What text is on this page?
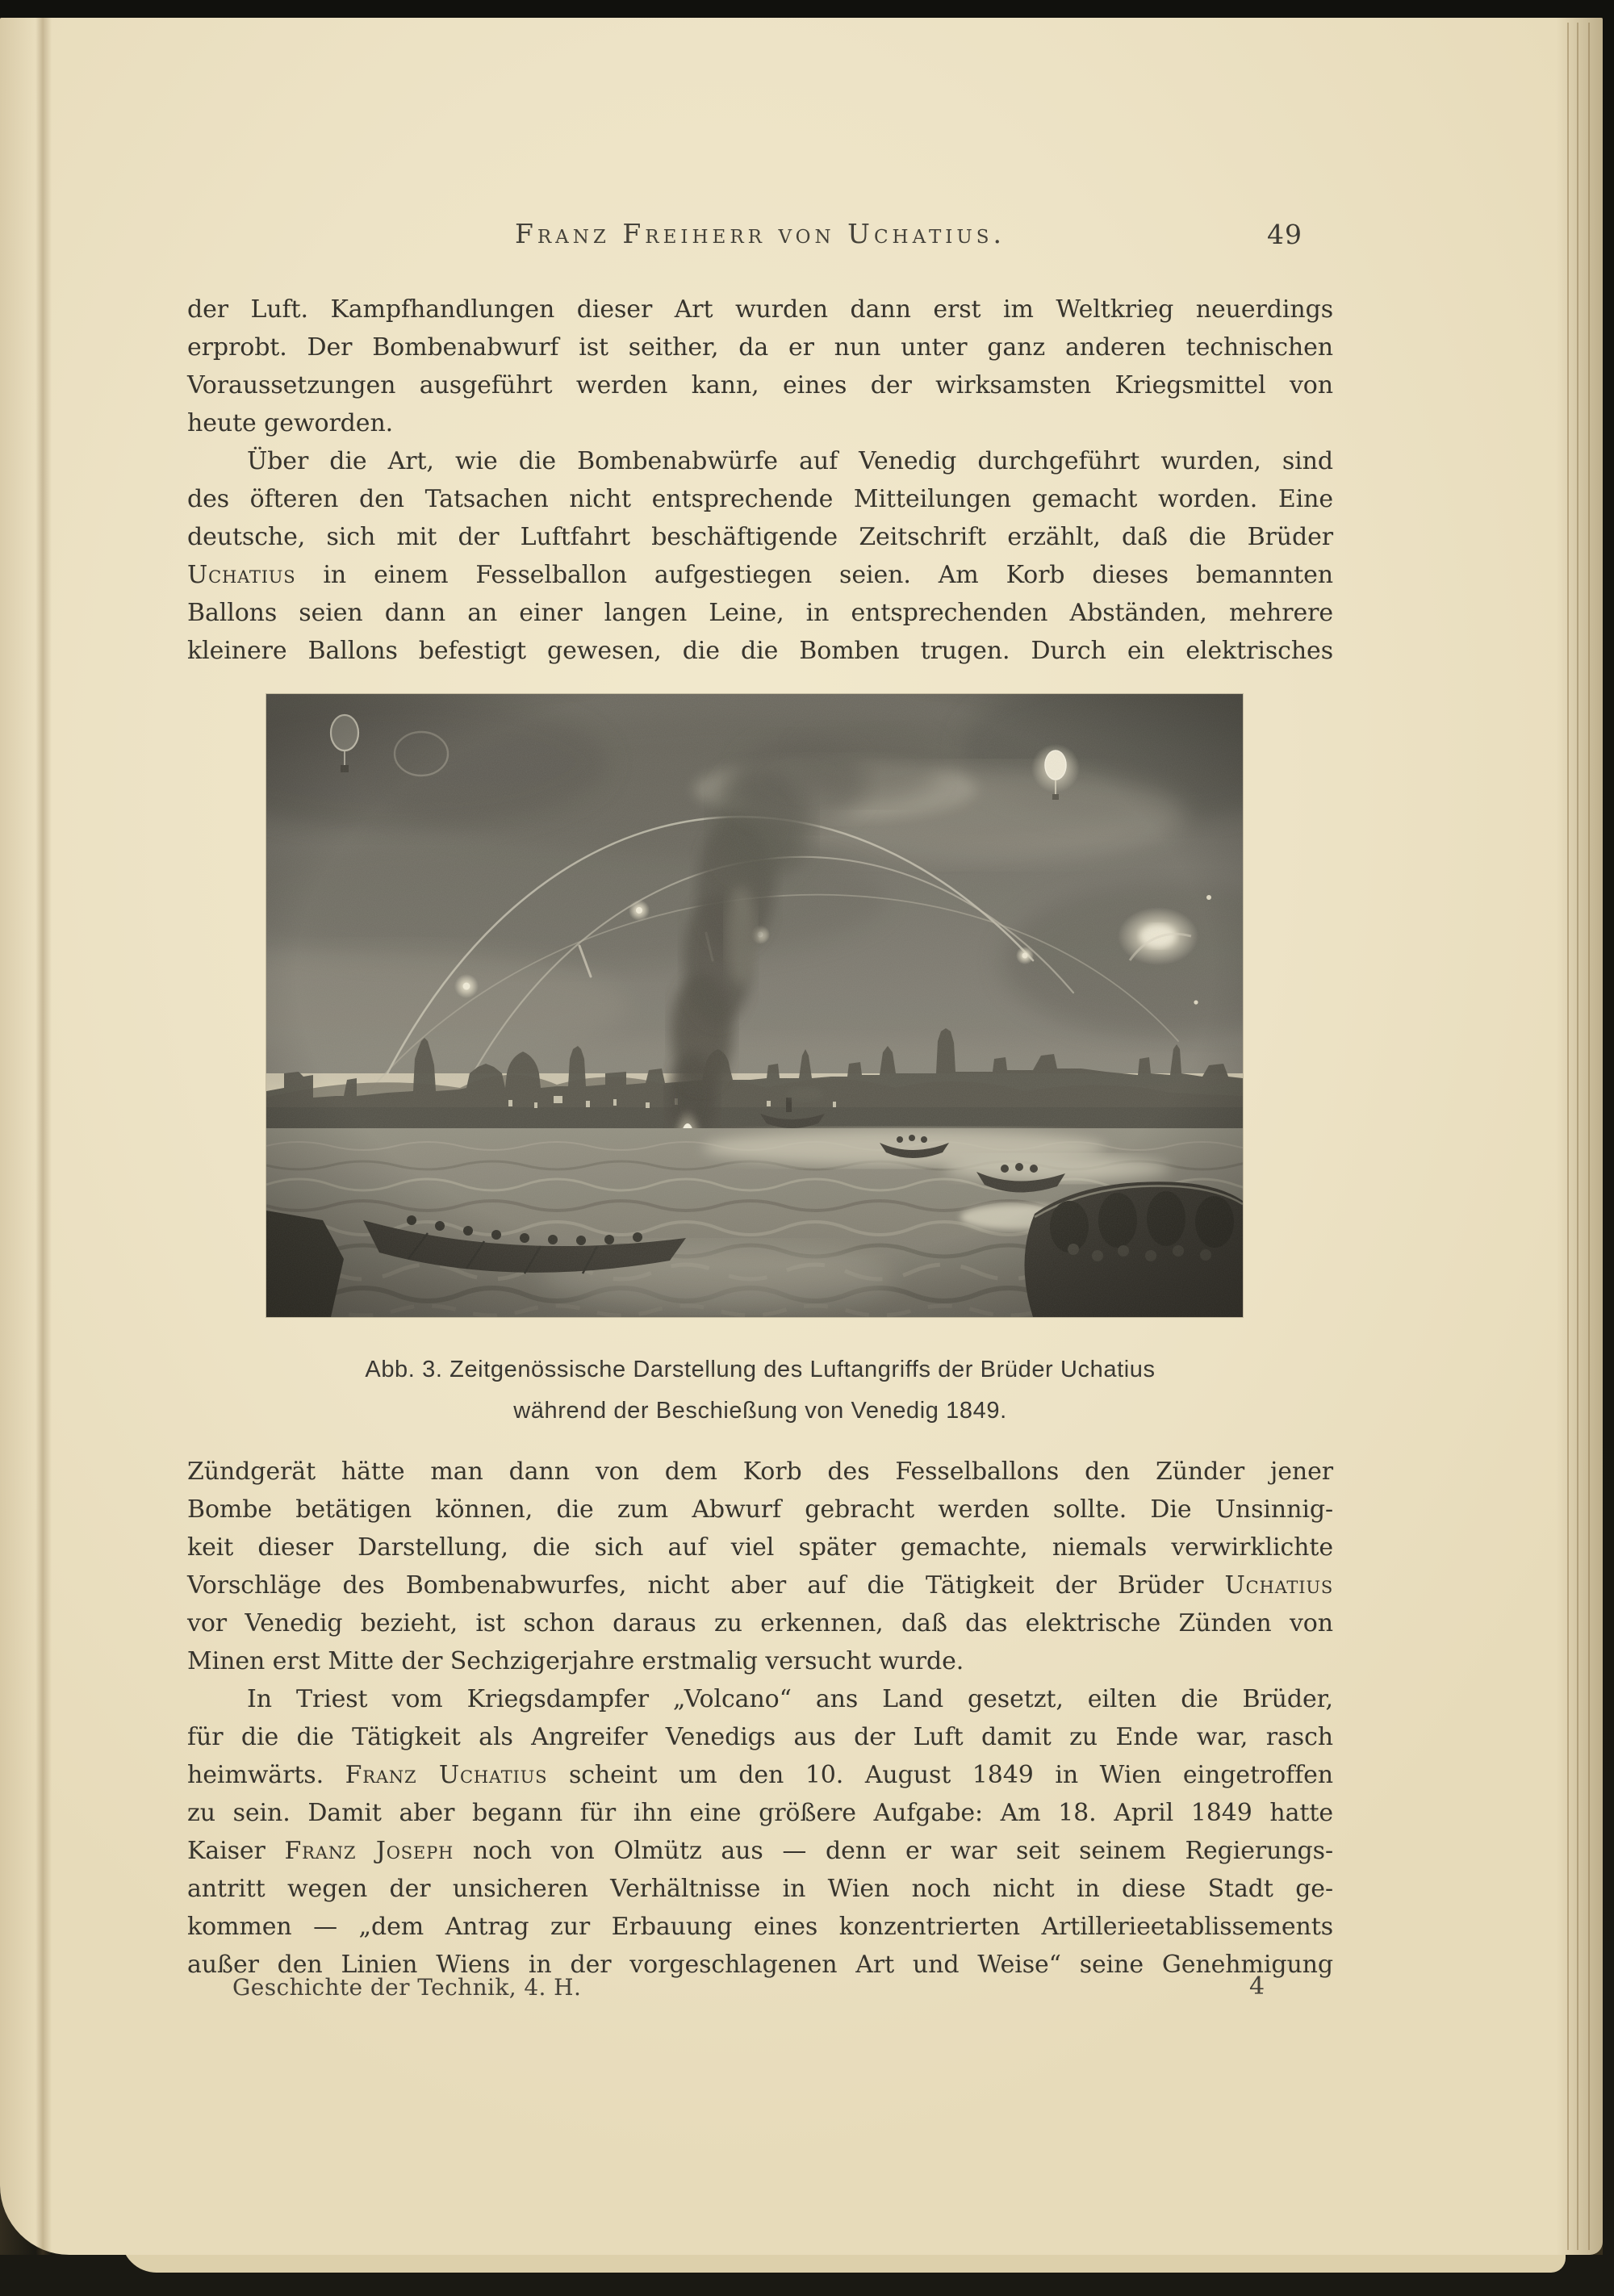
Franz Freiherr von Uchatius.	49
der Luft. Kampfhandlungen dieser Art wurden dann erst im Weltkrieg neuerdings
erprobt. Der Bombenabwurf ist seither, da er nun unter ganz anderen technischen
Voraussetzungen ausgeführt werden kann, eines der wirksamsten Kriegsmittel von
heute geworden.
Über die Art, wie die Bombenabwürfe auf Venedig durchgeführt wurden, sind
des öfteren den Tatsachen nicht entsprechende Mitteilungen gemacht worden. Eine
deutsche, sich mit der Luftfahrt beschäftigende Zeitschrift erzählt, daß die Brüder
Uchatius in einem Fesselballon aufgestiegen seien. Am Korb dieses bemannten
Ballons seien dann an einer langen Leine, in entsprechenden Abständen, mehrere
kleinere Ballons befestigt gewesen, die die Bomben trugen. Durch ein elektrisches
Abb. 3. Zeitgenössische Darstellung des Luftangriffs der Brüder Uchatius
während der Beschießung von Venedig 1849.
Zündgerät hätte man dann von dem Korb des Fesselballons den Zünder jener
Bombe betätigen können, die zum Abwurf gebracht werden sollte. Die Unsinnig-
keit dieser Darstellung, die sich auf viel später gemachte, niemals verwirklichte
Vorschläge des Bombenabwurfes, nicht aber auf die Tätigkeit der Brüder Uchatius
vor Venedig bezieht, ist schon daraus zu erkennen, daß das elektrische Zünden von
Minen erst Mitte der Sechzigerjahre erstmalig versucht wurde.
In Triest vom Kriegsdampfer „Volcano“ ans Land gesetzt, eilten die Brüder,
für die die Tätigkeit als Angreifer Venedigs aus der Luft damit zu Ende war, rasch
heimwärts. Franz Uchatius scheint um den 10. August 1849 in Wien eingetroffen
zu sein. Damit aber begann für ihn eine größere Aufgabe: Am 18. April 1849 hatte
Kaiser Franz Joseph noch von Olmütz aus — denn er war seit seinem Regierungs-
antritt wegen der unsicheren Verhältnisse in Wien noch nicht in diese Stadt ge-
kommen — „dem Antrag zur Erbauung eines konzentrierten Artillerieetablissements
außer den Linien Wiens in der vorgeschlagenen Art und Weise“ seine Genehmigung
Geschichte der Technik, 4. H.	4
